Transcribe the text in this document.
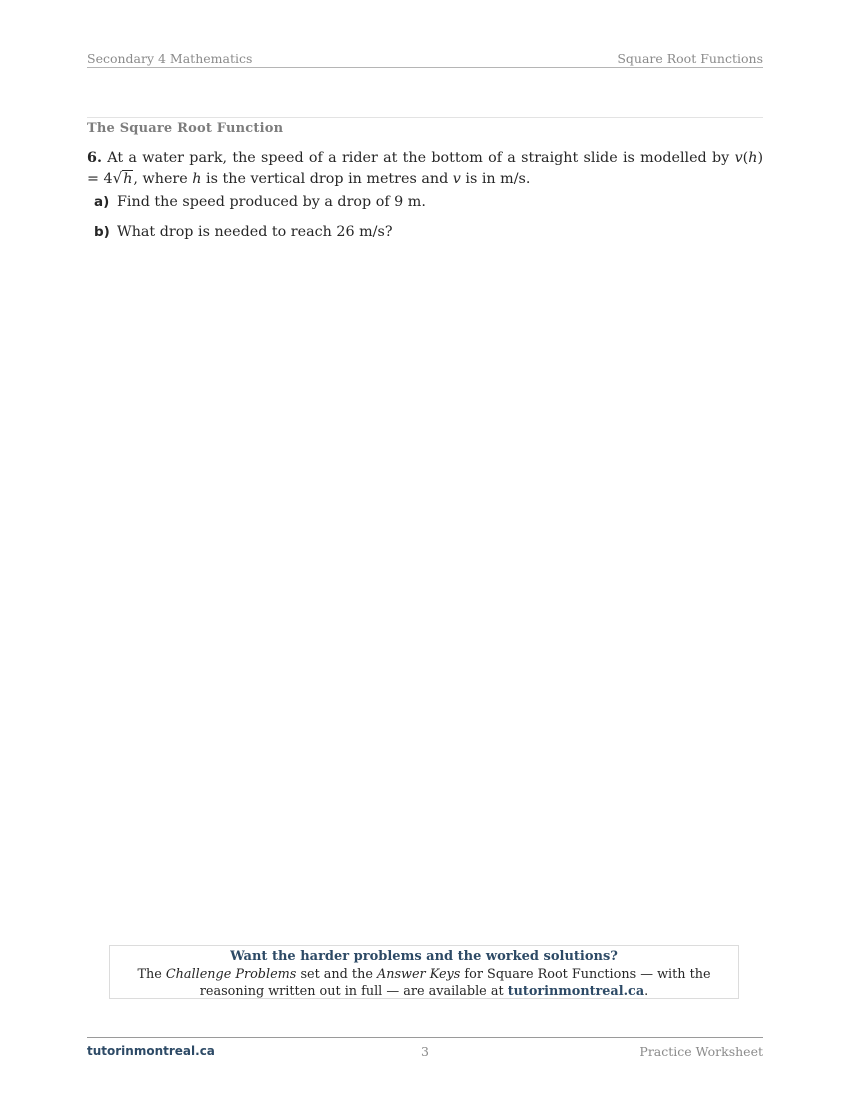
Secondary 4 Mathematics	Square Root Functions
The Square Root Function
6. At a water park, the speed of a rider at the bottom of a straight slide is modelled by v(h) = 4√h, where h is the vertical drop in metres and v is in m/s.
a) Find the speed produced by a drop of 9 m.
b) What drop is needed to reach 26 m/s?
Want the harder problems and the worked solutions?
The Challenge Problems set and the Answer Keys for Square Root Functions — with the reasoning written out in full — are available at tutorinmontreal.ca.
tutorinmontreal.ca	3	Practice Worksheet
